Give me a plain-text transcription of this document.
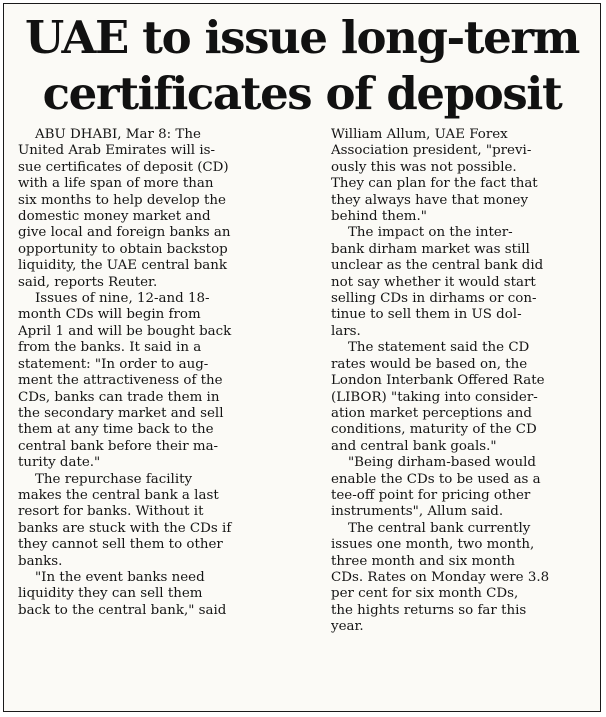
UAE to issue long-term
certificates of deposit

ABU DHABI, Mar 8: The
United Arab Emirates will is-
sue certificates of deposit (CD)
with a life span of more than
six months to help develop the
domestic money market and
give local and foreign banks an
opportunity to obtain backstop
liquidity, the UAE central bank
said, reports Reuter.

Issues of nine, 12-and 18-
month CDs will begin from
April 1 and will be bought back
from the banks. It said in a
statement: "In order to aug-
ment the attractiveness of the
CDs, banks can trade them in
the secondary market and sell
them at any time back to the
central bank before their ma-
turity date."

The repurchase facility
makes the central bank a last
resort for banks. Without it
banks are stuck with the CDs if
they cannot sell them to other
banks.

"In the event banks need
liquidity they can sell them
back to the central bank," said

William Allum, UAE Forex
Association president, "previ-
ously this was not possible.
They can plan for the fact that
they always have that money
behind them."

The impact on the inter-
bank dirham market was still
unclear as the central bank did
not say whether it would start
selling CDs in dirhams or con-
tinue to sell them in US dol-
lars.

The statement said the CD
rates would be based on, the
London Interbank Offered Rate
(LIBOR) "taking into consider-
ation market perceptions and
conditions, maturity of the CD
and central bank goals."

"Being dirham-based would
enable the CDs to be used as a
tee-off point for pricing other
instruments", Allum said.

The central bank currently
issues one month, two month,
three month and six month
CDs. Rates on Monday were 3.8
per cent for six month CDs,
the hights returns so far this
year.
